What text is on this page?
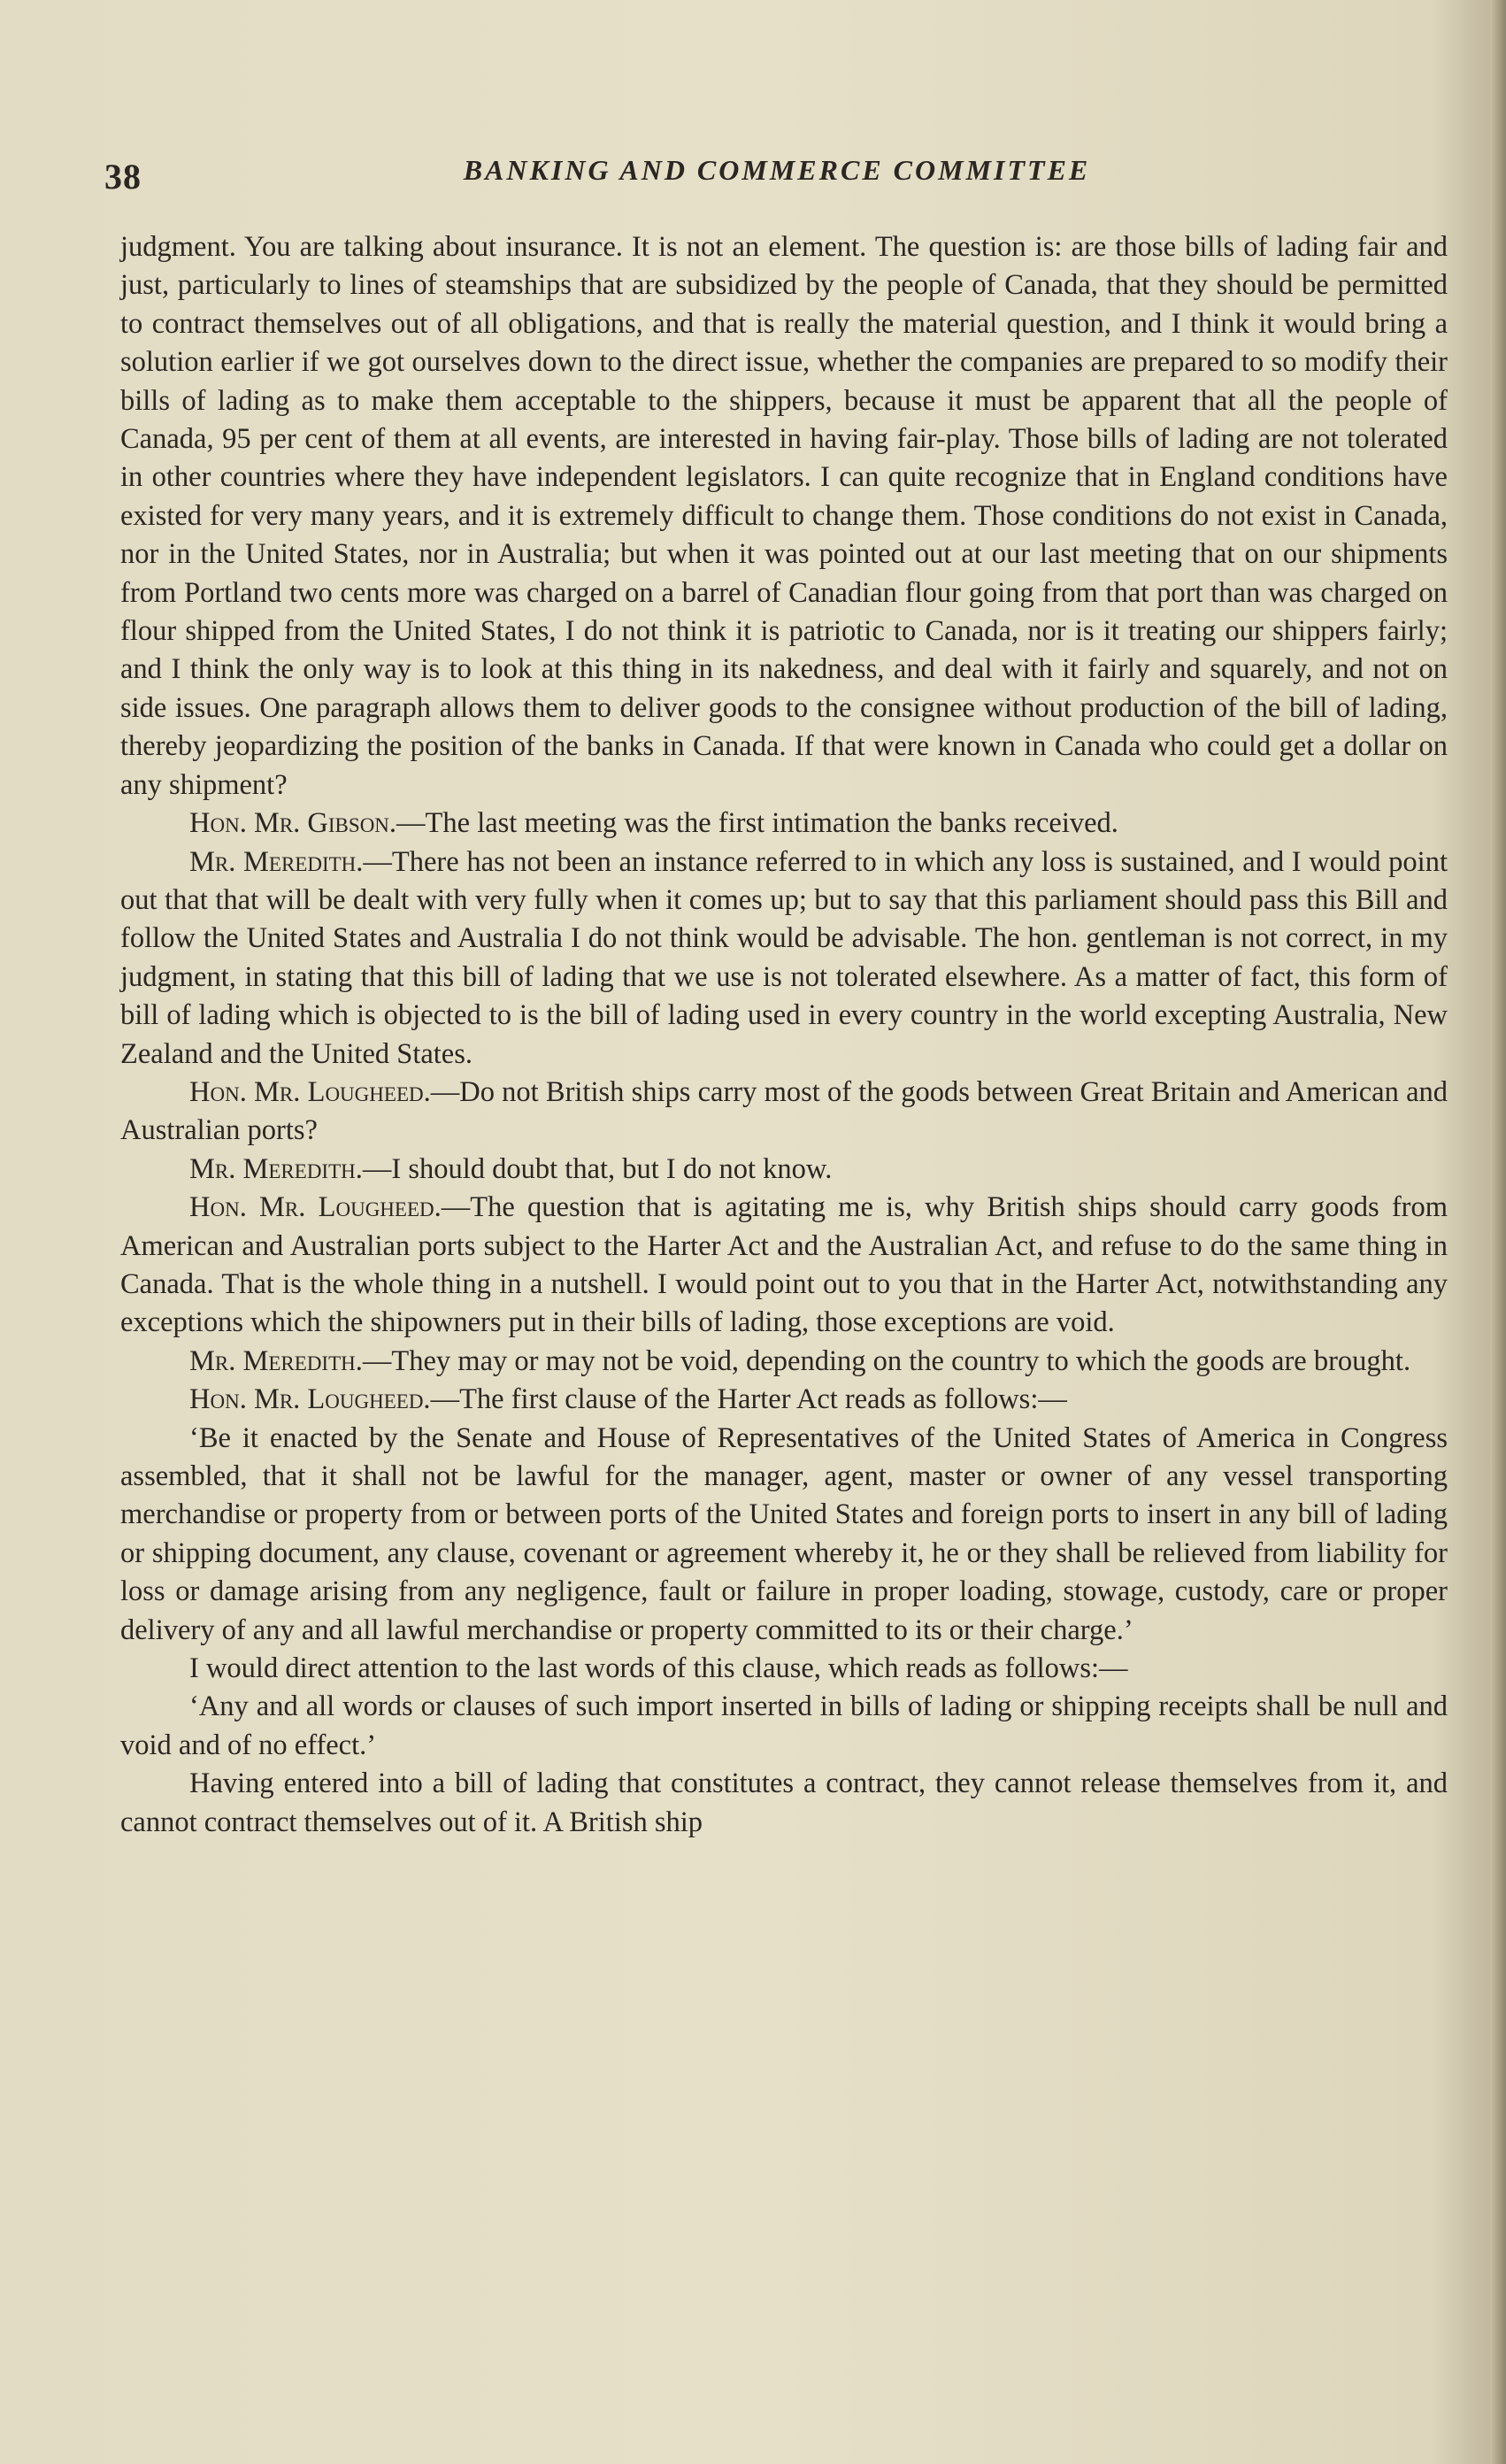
38	BANKING AND COMMERCE COMMITTEE

judgment. You are talking about insurance. It is not an element. The question is: are those bills of lading fair and just, particularly to lines of steamships that are subsidized by the people of Canada, that they should be permitted to contract themselves out of all obligations, and that is really the material question, and I think it would bring a solution earlier if we got ourselves down to the direct issue, whether the companies are prepared to so modify their bills of lading as to make them acceptable to the shippers, because it must be apparent that all the people of Canada, 95 per cent of them at all events, are interested in having fair-play. Those bills of lading are not tolerated in other countries where they have independent legislators. I can quite recognize that in England conditions have existed for very many years, and it is extremely difficult to change them. Those conditions do not exist in Canada, nor in the United States, nor in Australia; but when it was pointed out at our last meeting that on our shipments from Portland two cents more was charged on a barrel of Canadian flour going from that port than was charged on flour shipped from the United States, I do not think it is patriotic to Canada, nor is it treating our shippers fairly; and I think the only way is to look at this thing in its nakedness, and deal with it fairly and squarely, and not on side issues. One paragraph allows them to deliver goods to the consignee without production of the bill of lading, thereby jeopardizing the position of the banks in Canada. If that were known in Canada who could get a dollar on any shipment?

Hon. Mr. Gibson.—The last meeting was the first intimation the banks received.

Mr. Meredith.—There has not been an instance referred to in which any loss is sustained, and I would point out that that will be dealt with very fully when it comes up; but to say that this parliament should pass this Bill and follow the United States and Australia I do not think would be advisable. The hon. gentleman is not correct, in my judgment, in stating that this bill of lading that we use is not tolerated elsewhere. As a matter of fact, this form of bill of lading which is objected to is the bill of lading used in every country in the world excepting Australia, New Zealand and the United States.

Hon. Mr. Lougheed.—Do not British ships carry most of the goods between Great Britain and American and Australian ports?

Mr. Meredith.—I should doubt that, but I do not know.

Hon. Mr. Lougheed.—The question that is agitating me is, why British ships should carry goods from American and Australian ports subject to the Harter Act and the Australian Act, and refuse to do the same thing in Canada. That is the whole thing in a nutshell. I would point out to you that in the Harter Act, notwithstanding any exceptions which the shipowners put in their bills of lading, those exceptions are void.

Mr. Meredith.—They may or may not be void, depending on the country to which the goods are brought.

Hon. Mr. Lougheed.—The first clause of the Harter Act reads as follows:—

‘Be it enacted by the Senate and House of Representatives of the United States of America in Congress assembled, that it shall not be lawful for the manager, agent, master or owner of any vessel transporting merchandise or property from or between ports of the United States and foreign ports to insert in any bill of lading or shipping document, any clause, covenant or agreement whereby it, he or they shall be relieved from liability for loss or damage arising from any negligence, fault or failure in proper loading, stowage, custody, care or proper delivery of any and all lawful merchandise or property committed to its or their charge.’

I would direct attention to the last words of this clause, which reads as follows:—

‘Any and all words or clauses of such import inserted in bills of lading or shipping receipts shall be null and void and of no effect.’

Having entered into a bill of lading that constitutes a contract, they cannot release themselves from it, and cannot contract themselves out of it. A British ship
